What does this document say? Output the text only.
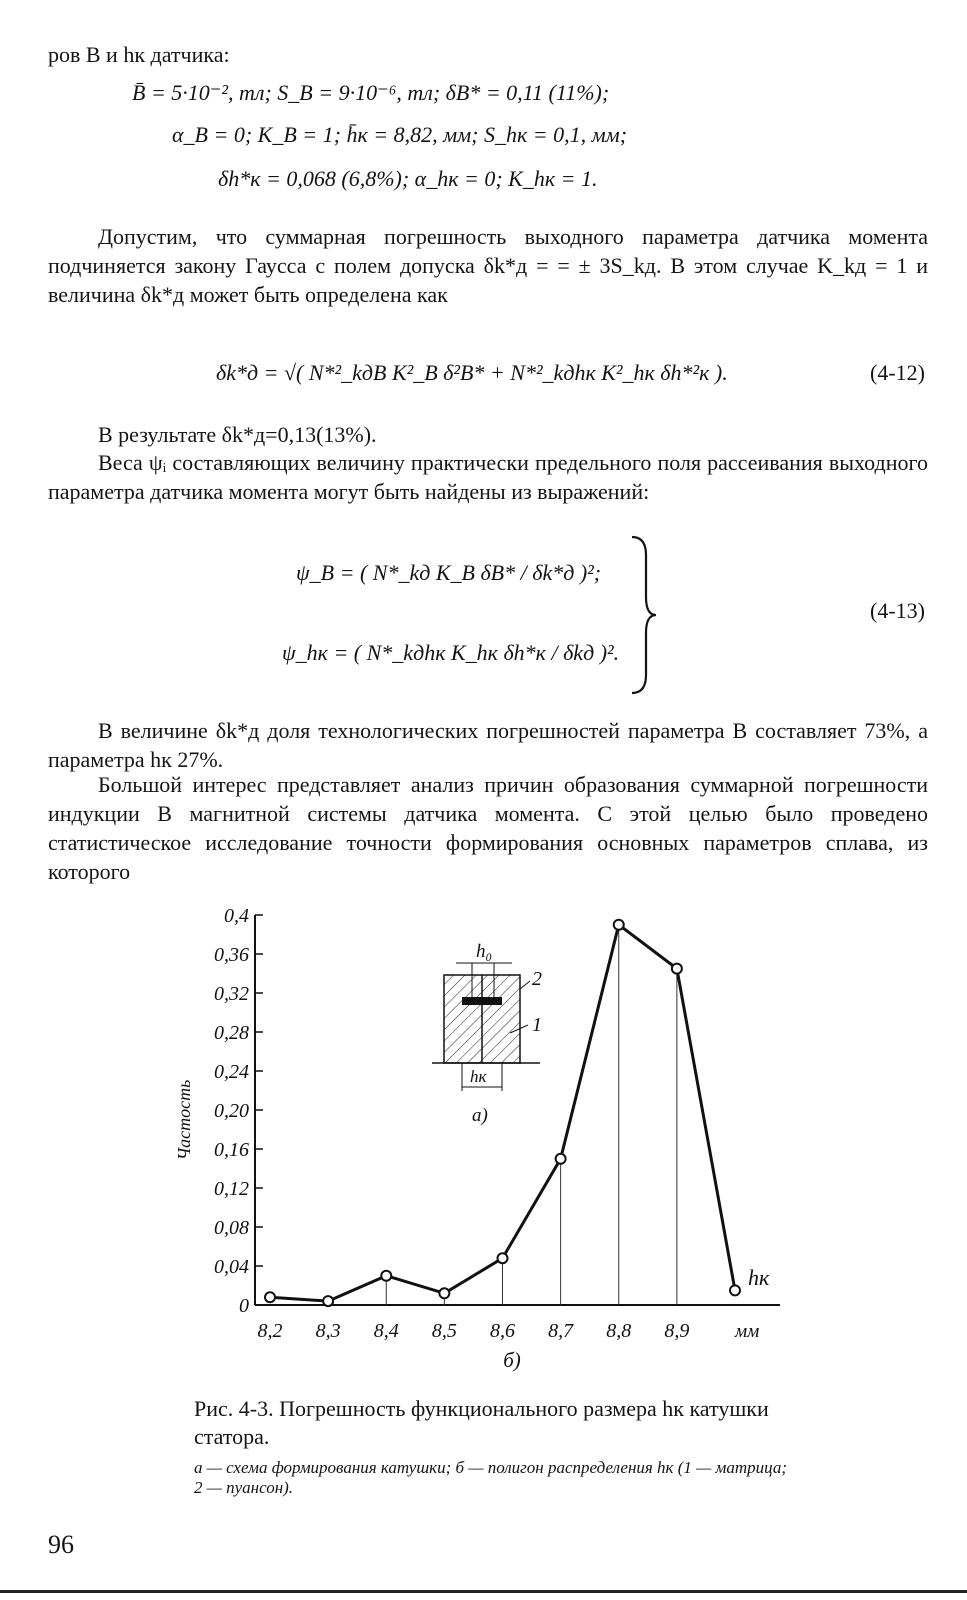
ров B и hк датчика:

B̄ = 5·10⁻², тл; S_B = 9·10⁻⁶, тл; δB* = 0,11 (11%);
α_B = 0; K_B = 1; h̄к = 8,82, мм; S_hк = 0,1, мм;
δh*к = 0,068 (6,8%); α_hк = 0; K_hк = 1.

Допустим, что суммарная погрешность выходного параметра датчика момента подчиняется закону Гаусса с полем допуска δk*д = = ± 3S_kд. В этом случае K_kд = 1 и величина δk*д может быть определена как

δk*д = √( N*²_kдB K²_B δ²B* + N*²_kдhк K²_hк δh*²к ).	(4-12)

В результате δk*д=0,13(13%).

Веса ψᵢ составляющих величину практически предельного поля рассеивания выходного параметра датчика момента могут быть найдены из выражений:

ψ_B = ( N*_kд K_B δB* / δk*д )²;
ψ_hк = ( N*_kдhк K_hк δh*к / δkд )².
(4-13)

В величине δk*д доля технологических погрешностей параметра B составляет 73%, а параметра hк 27%.

Большой интерес представляет анализ причин образования суммарной погрешности индукции B магнитной системы датчика момента. С этой целью было проведено статистическое исследование точности формирования основных параметров сплава, из которого

0
0,04
0,08
0,12
0,16
0,20
0,24
0,28
0,32
0,36
0,4
8,2 8,3 8,4 8,5 8,6 8,7 8,8 8,9
Частость
hк
мм
б)
h₀
2
1
hк
а)

Рис. 4-3. Погрешность функционального размера hк катушки статора.

а — схема формирования катушки; б — полигон распределения hк (1 — матрица; 2 — пуансон).

96
